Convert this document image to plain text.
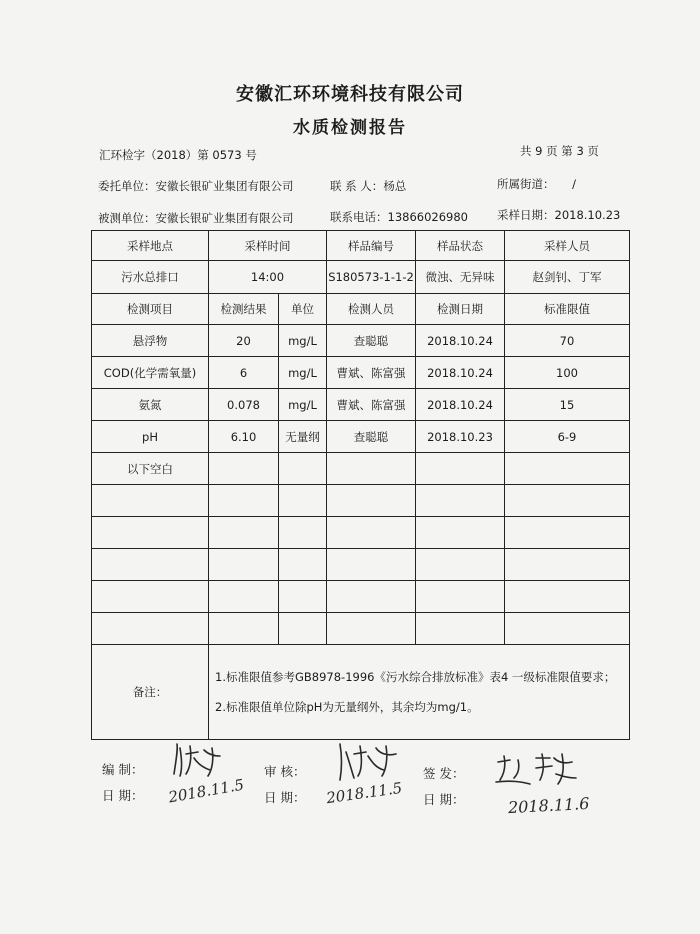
安徽汇环环境科技有限公司
水质检测报告
汇环检字（2018）第 0573 号	共 9 页 第 3 页
委托单位：安徽长银矿业集团有限公司	联 系 人：杨总	所属街道： /
被测单位：安徽长银矿业集团有限公司	联系电话：13866026980	采样日期：2018.10.23
采样地点	采样时间		样品编号	样品状态	采样人员
污水总排口	14:00		S180573-1-1-2	微浊、无异味	赵剑钊、丁军
检测项目	检测结果	单位	检测人员	检测日期	标准限值
悬浮物	20	mg/L	查聪聪	2018.10.24	70
COD(化学需氧量)	6	mg/L	曹斌、陈富强	2018.10.24	100
氨氮	0.078	mg/L	曹斌、陈富强	2018.10.24	15
pH	6.10	无量纲	查聪聪	2018.10.23	6-9
以下空白					

备注：	1.标准限值参考GB8978-1996《污水综合排放标准》表4 一级标准限值要求；
2.标准限值单位除pH为无量纲外，其余均为mg/1。				
编 制：	审 核：	签 发：
日 期：	日 期：	日 期：
2018.11.5	2018.11.5	2018.11.6
